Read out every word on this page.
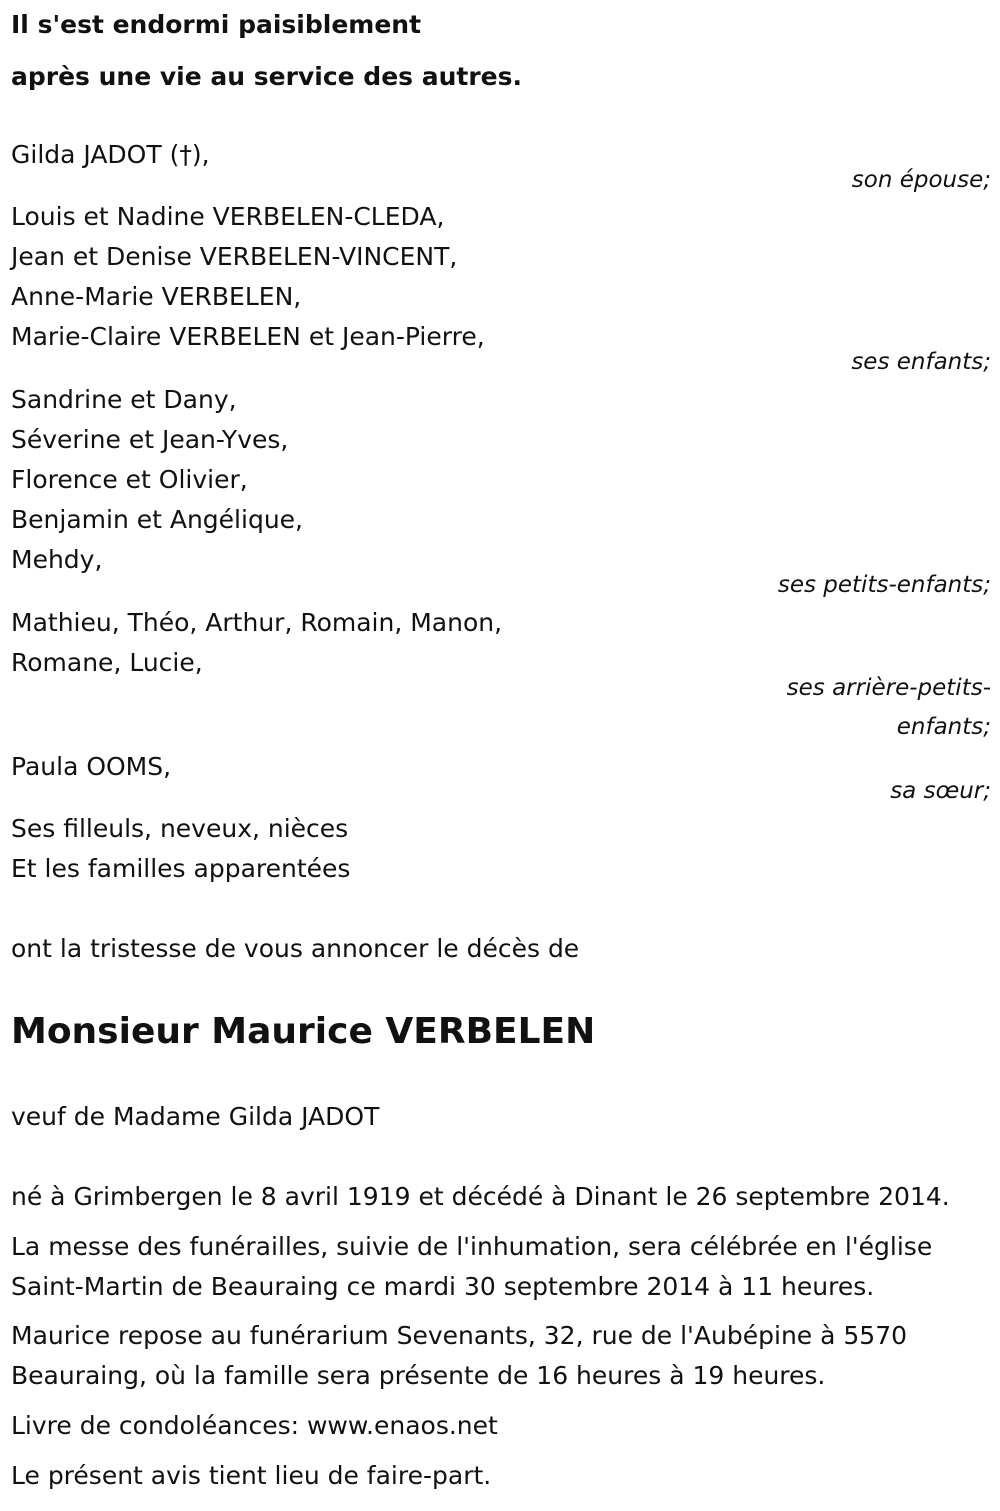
Il s'est endormi paisiblement
après une vie au service des autres.
Gilda JADOT (†),
son épouse;
Louis et Nadine VERBELEN-CLEDA,
Jean et Denise VERBELEN-VINCENT,
Anne-Marie VERBELEN,
Marie-Claire VERBELEN et Jean-Pierre,
ses enfants;
Sandrine et Dany,
Séverine et Jean-Yves,
Florence et Olivier,
Benjamin et Angélique,
Mehdy,
ses petits-enfants;
Mathieu, Théo, Arthur, Romain, Manon,
Romane, Lucie,
ses arrière-petits-
enfants;
Paula OOMS,
sa sœur;
Ses filleuls, neveux, nièces
Et les familles apparentées
ont la tristesse de vous annoncer le décès de
Monsieur Maurice VERBELEN
veuf de Madame Gilda JADOT
né à Grimbergen le 8 avril 1919 et décédé à Dinant le 26 septembre 2014.
La messe des funérailles, suivie de l'inhumation, sera célébrée en l'église
Saint-Martin de Beauraing ce mardi 30 septembre 2014 à 11 heures.
Maurice repose au funérarium Sevenants, 32, rue de l'Aubépine à 5570
Beauraing, où la famille sera présente de 16 heures à 19 heures.
Livre de condoléances: www.enaos.net
Le présent avis tient lieu de faire-part.
